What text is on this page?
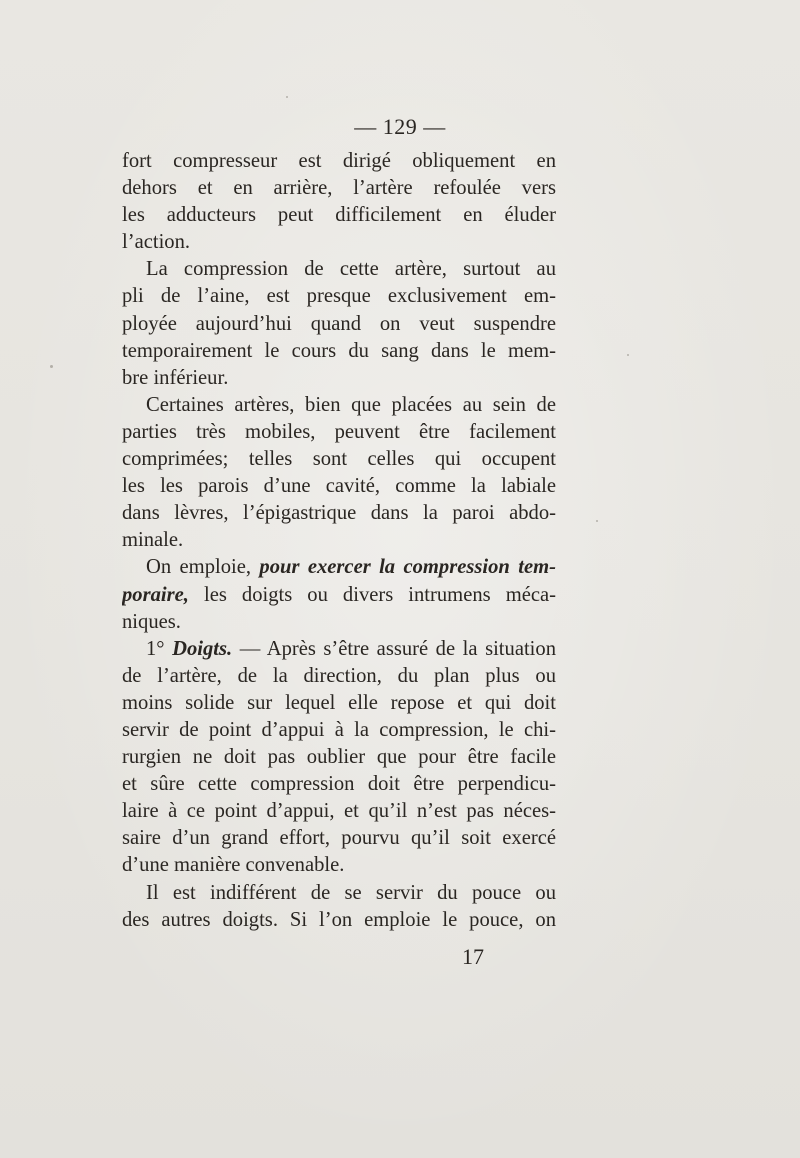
— 129 —
fort compresseur est dirigé obliquement en
dehors et en arrière, l’artère refoulée vers
les adducteurs peut difficilement en éluder
l’action.
La compression de cette artère, surtout au
pli de l’aine, est presque exclusivement em-
ployée aujourd’hui quand on veut suspendre
temporairement le cours du sang dans le mem-
bre inférieur.
Certaines artères, bien que placées au sein de
parties très mobiles, peuvent être facilement
comprimées; telles sont celles qui occupent
les les parois d’une cavité, comme la labiale
dans lèvres, l’épigastrique dans la paroi abdo-
minale.
On emploie, pour exercer la compression tem-
poraire, les doigts ou divers intrumens méca-
niques.
1° Doigts. — Après s’être assuré de la situation
de l’artère, de la direction, du plan plus ou
moins solide sur lequel elle repose et qui doit
servir de point d’appui à la compression, le chi-
rurgien ne doit pas oublier que pour être facile
et sûre cette compression doit être perpendicu-
laire à ce point d’appui, et qu’il n’est pas néces-
saire d’un grand effort, pourvu qu’il soit exercé
d’une manière convenable.
Il est indifférent de se servir du pouce ou
des autres doigts. Si l’on emploie le pouce, on
17
